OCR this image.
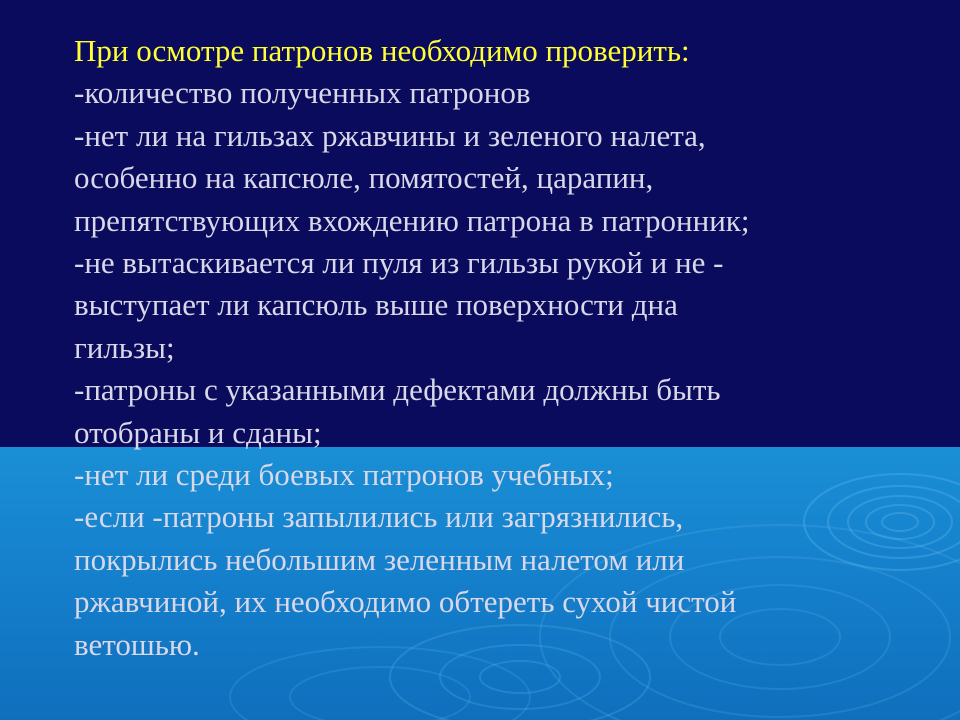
При осмотре патронов необходимо проверить:

-количество полученных патронов

-нет ли на гильзах ржавчины и зеленого налета,

особенно на капсюле, помятостей, царапин,

препятствующих вхождению патрона в патронник;

-не вытаскивается ли пуля из гильзы рукой и не -

выступает ли капсюль выше поверхности дна

гильзы;

-патроны с указанными дефектами должны быть

отобраны и сданы;

-нет ли среди боевых патронов учебных;

-если -патроны запылились или загрязнились,

покрылись небольшим зеленным налетом или

ржавчиной, их необходимо обтереть сухой чистой

ветошью.
